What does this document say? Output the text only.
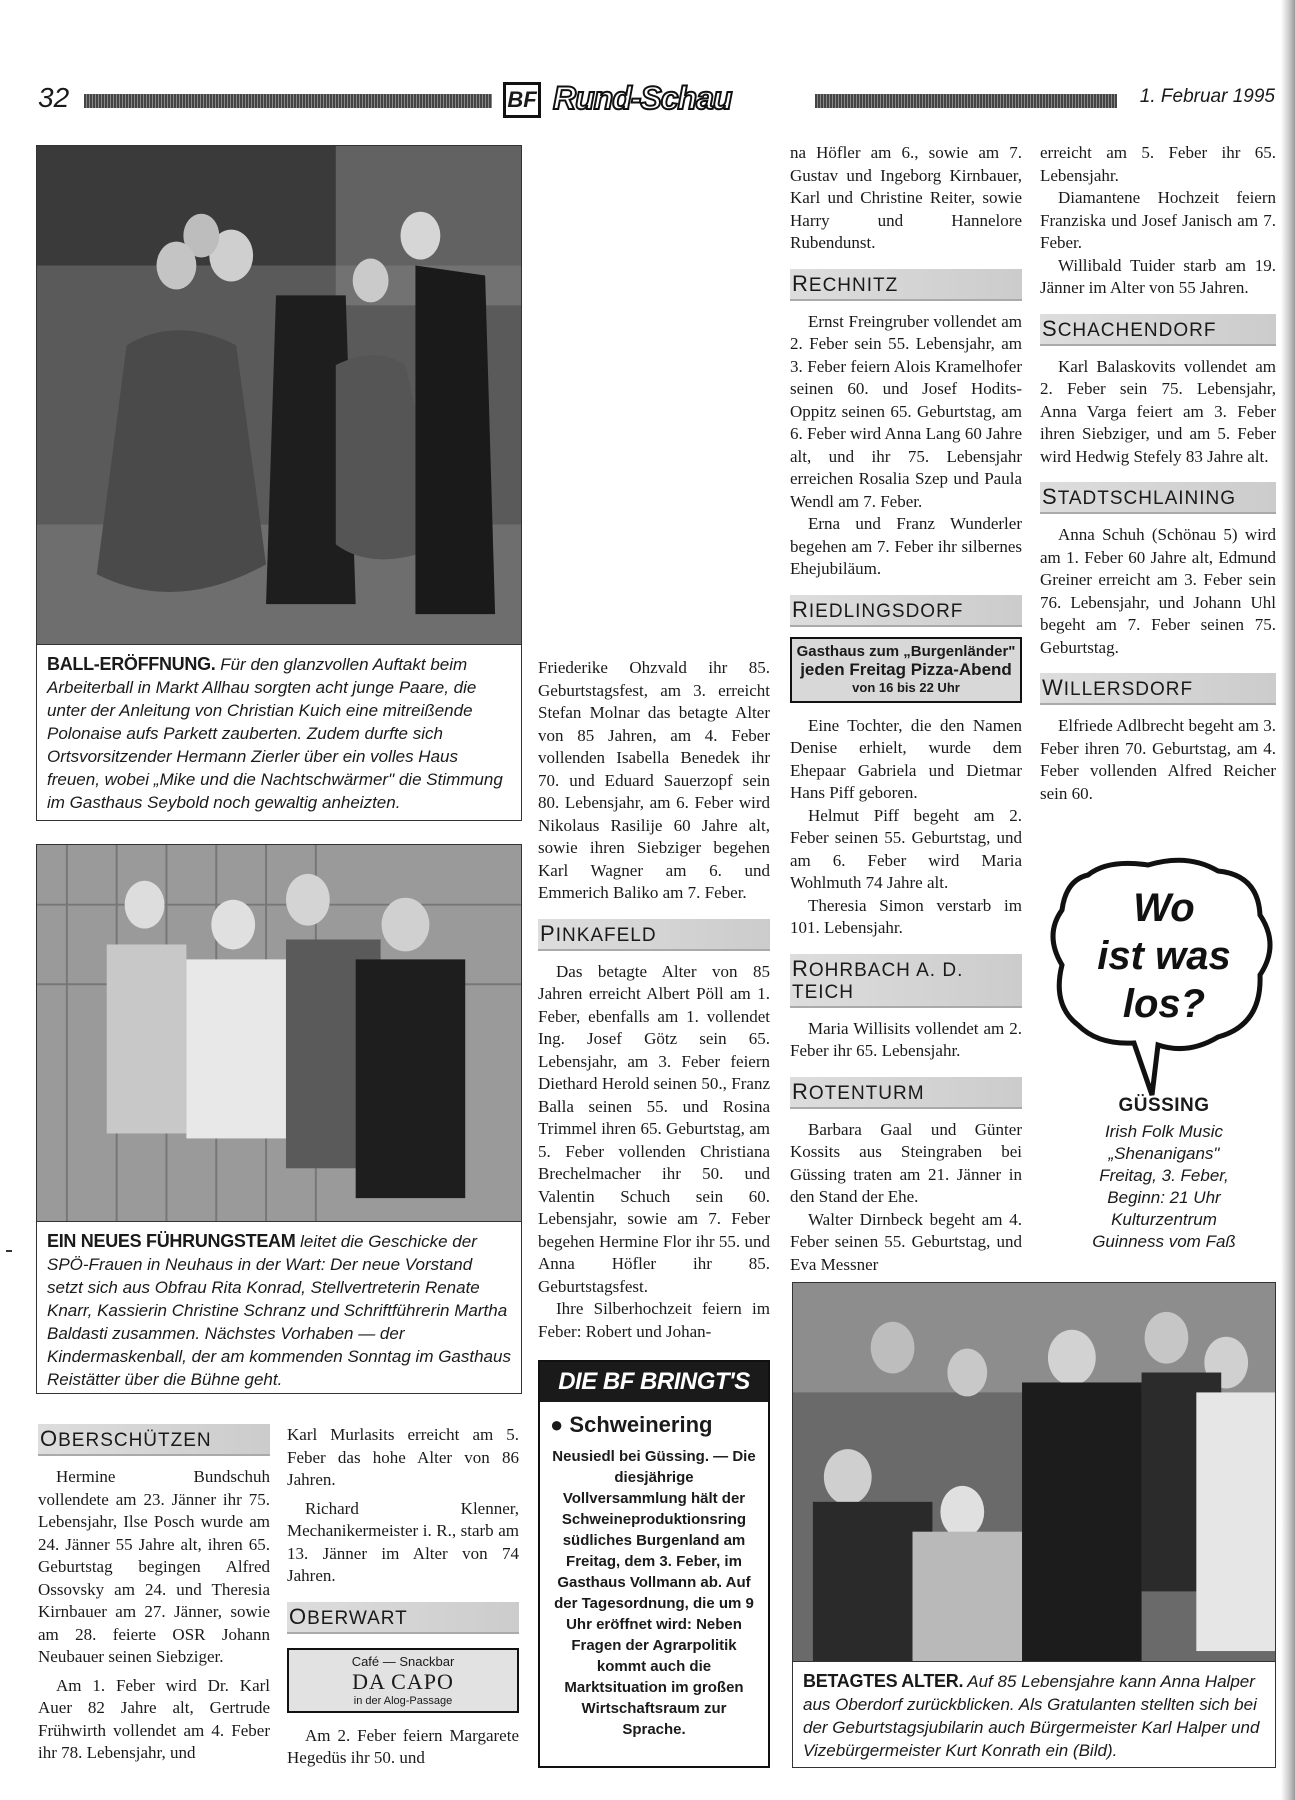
32	BF Rund-Schau	1. Februar 1995
BALL-ERÖFFNUNG. Für den glanzvollen Auftakt beim Arbeiterball in Markt Allhau sorgten acht junge Paare, die unter der Anleitung von Christian Kuich eine mitreißende Polonaise aufs Parkett zauberten. Zudem durfte sich Ortsvorsitzender Hermann Zierler über ein volles Haus freuen, wobei „Mike und die Nachtschwärmer" die Stimmung im Gasthaus Seybold noch gewaltig anheizten.
EIN NEUES FÜHRUNGSTEAM leitet die Geschicke der SPÖ-Frauen in Neuhaus in der Wart: Der neue Vorstand setzt sich aus Obfrau Rita Konrad, Stellvertreterin Renate Knarr, Kassierin Christine Schranz und Schriftführerin Martha Baldasti zusammen. Nächstes Vorhaben — der Kindermaskenball, der am kommenden Sonntag im Gasthaus Reistätter über die Bühne geht.
OBERSCHÜTZEN

Hermine Bundschuh vollendete am 23. Jänner ihr 75. Lebensjahr, Ilse Posch wurde am 24. Jänner 55 Jahre alt, ihren 65. Geburtstag begingen Alfred Ossovsky am 24. und Theresia Kirnbauer am 27. Jänner, sowie am 28. feierte OSR Johann Neubauer seinen Siebziger.

Am 1. Feber wird Dr. Karl Auer 82 Jahre alt, Gertrude Frühwirth vollendet am 4. Feber ihr 78. Lebensjahr, und

Karl Murlasits erreicht am 5. Feber das hohe Alter von 86 Jahren.

Richard Klenner, Mechanikermeister i. R., starb am 13. Jänner im Alter von 74 Jahren.

OBERWART
Café — Snackbar
DA CAPO
in der Alog-Passage

Am 2. Feber feiern Margarete Hegedüs ihr 50. und

Friederike Ohzvald ihr 85. Geburtstagsfest, am 3. erreicht Stefan Molnar das betagte Alter von 85 Jahren, am 4. Feber vollenden Isabella Benedek ihr 70. und Eduard Sauerzopf sein 80. Lebensjahr, am 6. Feber wird Nikolaus Rasilije 60 Jahre alt, sowie ihren Siebziger begehen Karl Wagner am 6. und Emmerich Baliko am 7. Feber.

PINKAFELD

Das betagte Alter von 85 Jahren erreicht Albert Pöll am 1. Feber, ebenfalls am 1. vollendet Ing. Josef Götz sein 65. Lebensjahr, am 3. Feber feiern Diethard Herold seinen 50., Franz Balla seinen 55. und Rosina Trimmel ihren 65. Geburtstag, am 5. Feber vollenden Christiana Brechelmacher ihr 50. und Valentin Schuch sein 60. Lebensjahr, sowie am 7. Feber begehen Hermine Flor ihr 55. und Anna Höfler ihr 85. Geburtstagsfest.

Ihre Silberhochzeit feiern im Feber: Robert und Johan-

DIE BF BRINGT'S
● Schweinering
Neusiedl bei Güssing. — Die diesjährige Vollversammlung hält der Schweineproduktionsring südliches Burgenland am Freitag, dem 3. Feber, im Gasthaus Vollmann ab. Auf der Tagesordnung, die um 9 Uhr eröffnet wird: Neben Fragen der Agrarpolitik kommt auch die Marktsituation im großen Wirtschaftsraum zur Sprache.

na Höfler am 6., sowie am 7. Gustav und Ingeborg Kirnbauer, Karl und Christine Reiter, sowie Harry und Hannelore Rubendunst.

RECHNITZ

Ernst Freingruber vollendet am 2. Feber sein 55. Lebensjahr, am 3. Feber feiern Alois Kramelhofer seinen 60. und Josef Hodits-Oppitz seinen 65. Geburtstag, am 6. Feber wird Anna Lang 60 Jahre alt, und ihr 75. Lebensjahr erreichen Rosalia Szep und Paula Wendl am 7. Feber.

Erna und Franz Wunderler begehen am 7. Feber ihr silbernes Ehejubiläum.

RIEDLINGSDORF
Gasthaus zum „Burgenländer"
jeden Freitag Pizza-Abend
von 16 bis 22 Uhr

Eine Tochter, die den Namen Denise erhielt, wurde dem Ehepaar Gabriela und Dietmar Hans Piff geboren.

Helmut Piff begeht am 2. Feber seinen 55. Geburtstag, und am 6. Feber wird Maria Wohlmuth 74 Jahre alt.

Theresia Simon verstarb im 101. Lebensjahr.

ROHRBACH A. D. TEICH

Maria Willisits vollendet am 2. Feber ihr 65. Lebensjahr.

ROTENTURM

Barbara Gaal und Günter Kossits aus Steingraben bei Güssing traten am 21. Jänner in den Stand der Ehe.

Walter Dirnbeck begeht am 4. Feber seinen 55. Geburtstag, und Eva Messner

erreicht am 5. Feber ihr 65. Lebensjahr.

Diamantene Hochzeit feiern Franziska und Josef Janisch am 7. Feber.

Willibald Tuider starb am 19. Jänner im Alter von 55 Jahren.

SCHACHENDORF

Karl Balaskovits vollendet am 2. Feber sein 75. Lebensjahr, Anna Varga feiert am 3. Feber ihren Siebziger, und am 5. Feber wird Hedwig Stefely 83 Jahre alt.

STADTSCHLAINING

Anna Schuh (Schönau 5) wird am 1. Feber 60 Jahre alt, Edmund Greiner erreicht am 3. Feber sein 76. Lebensjahr, und Johann Uhl begeht am 7. Feber seinen 75. Geburtstag.

WILLERSDORF

Elfriede Adlbrecht begeht am 3. Feber ihren 70. Geburtstag, am 4. Feber vollenden Alfred Reicher sein 60.

Wo
ist was
los?
GÜSSING
Irish Folk Music
„Shenanigans"
Freitag, 3. Feber,
Beginn: 21 Uhr
Kulturzentrum
Guinness vom Faß
BETAGTES ALTER. Auf 85 Lebensjahre kann Anna Halper aus Oberdorf zurückblicken. Als Gratulanten stellten sich bei der Geburtstagsjubilarin auch Bürgermeister Karl Halper und Vizebürgermeister Kurt Konrath ein (Bild).
